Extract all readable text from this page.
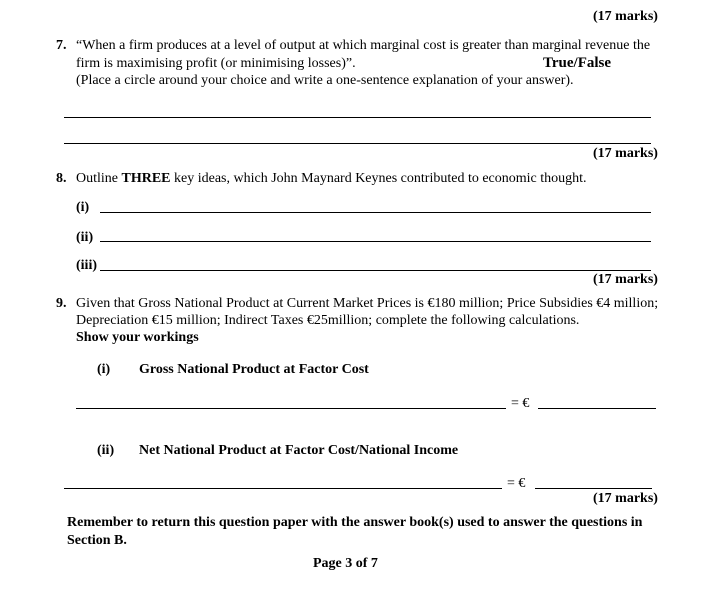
(17 marks)
7. “When a firm produces at a level of output at which marginal cost is greater than marginal revenue the
firm is maximising profit (or minimising losses)”.	True/False
(Place a circle around your choice and write a one-sentence explanation of your answer).
(17 marks)
8. Outline THREE key ideas, which John Maynard Keynes contributed to economic thought.
(i)
(ii)
(iii)
(17 marks)
9. Given that Gross National Product at Current Market Prices is €180 million; Price Subsidies €4 million;
Depreciation €15 million; Indirect Taxes €25million; complete the following calculations.
Show your workings
(i) Gross National Product at Factor Cost
= €
(ii) Net National Product at Factor Cost/National Income
= €
(17 marks)
Remember to return this question paper with the answer book(s) used to answer the questions in
Section B.
Page 3 of 7
